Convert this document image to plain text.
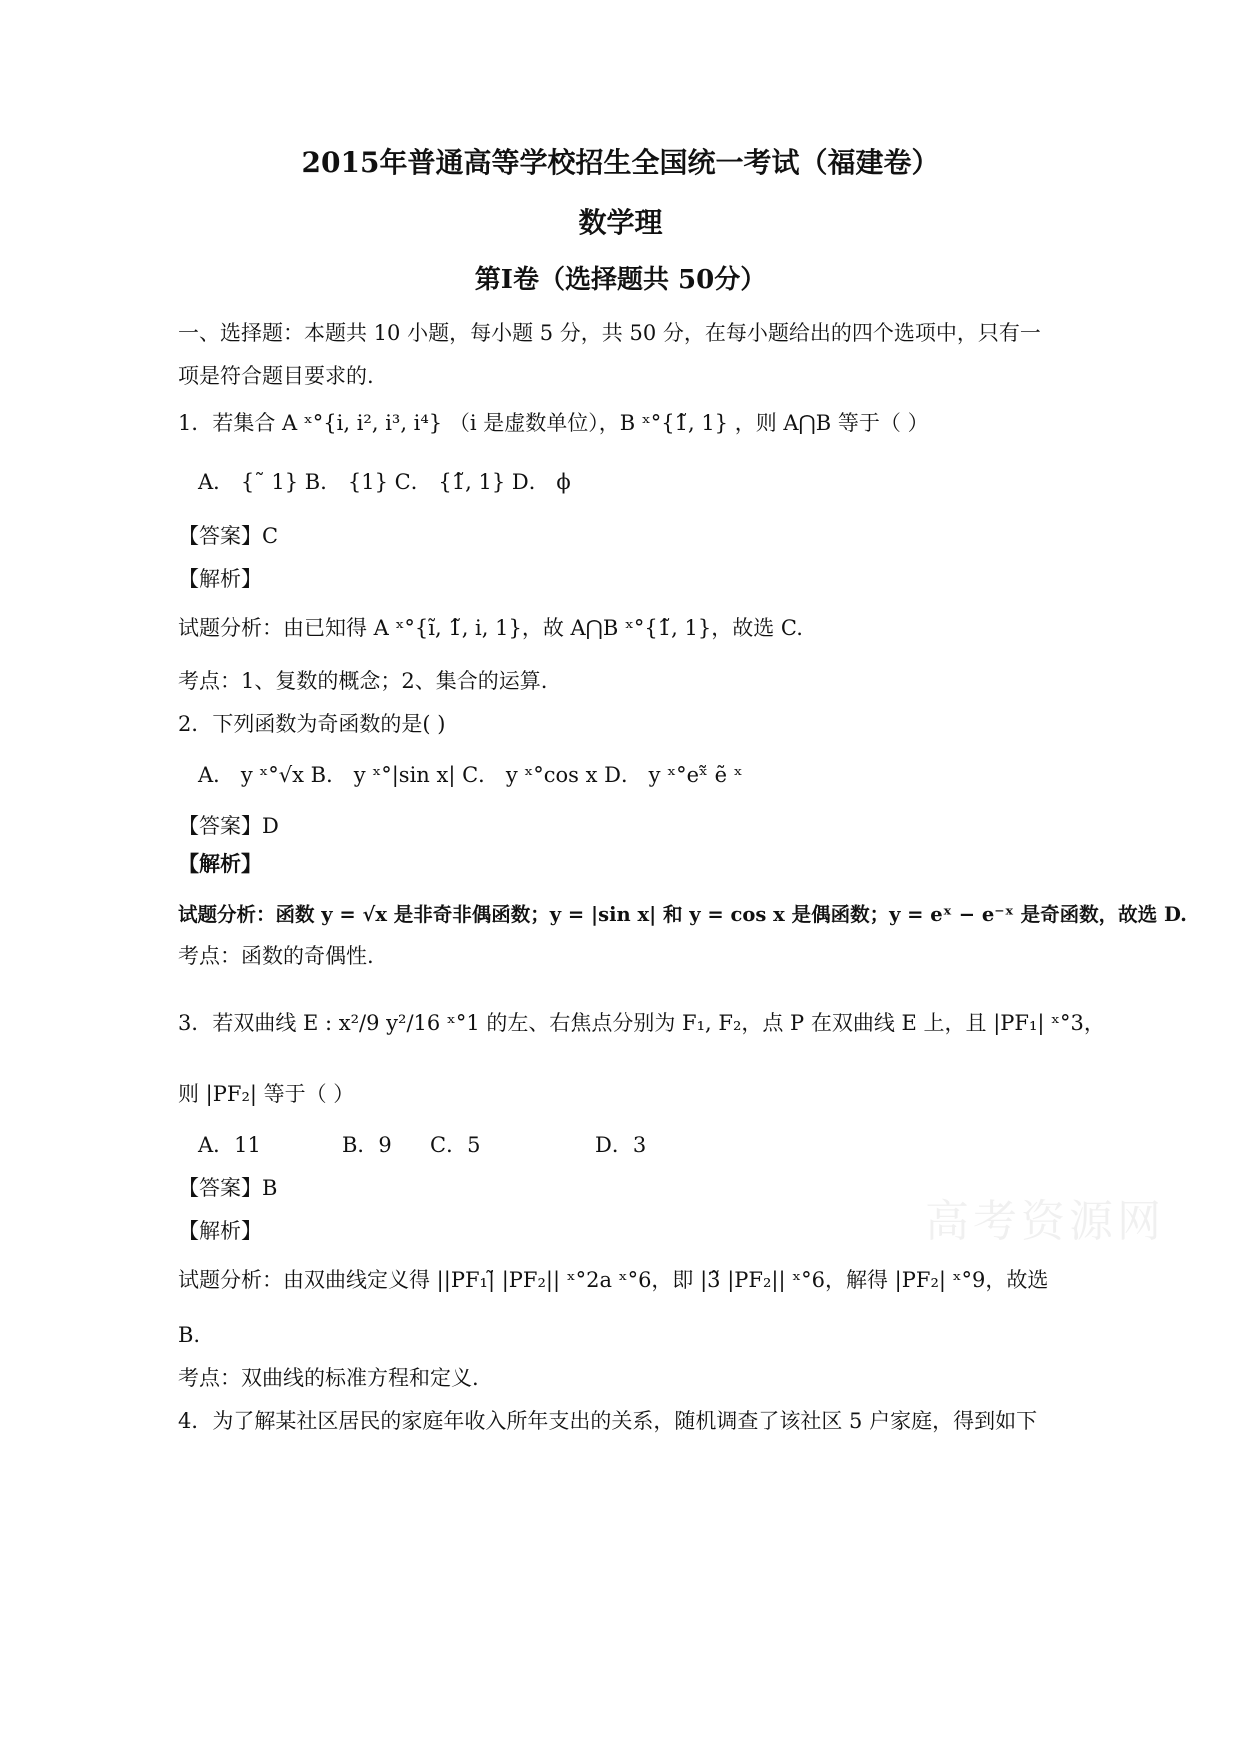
2015年普通高等学校招生全国统一考试（福建卷）
数学理
第Ⅰ卷（选择题共 50分）
一、选择题：本题共 10 小题，每小题 5 分，共 50 分，在每小题给出的四个选项中，只有一
项是符合题目要求的.
1．若集合 A ˣ°{i, i², i³, i⁴} （i 是虚数单位），B ˣ°{1̃, 1} ，则 A⋂B 等于（ ）
A． {˜ 1} B． {1} C． {1̃, 1} D． ϕ
【答案】C
【解析】
试题分析：由已知得 A ˣ°{ĩ, 1̃, i, 1}，故 A⋂B ˣ°{1̃, 1}，故选 C.
考点：1、复数的概念；2、集合的运算.
2．下列函数为奇函数的是( )
A． y ˣ°√x B． y ˣ°|sin x| C． y ˣ°cos x D． y ˣ°eˣ̃ ẽ ˣ
【答案】D
【解析】
试题分析：函数 y = √x 是非奇非偶函数；y = |sin x| 和 y = cos x 是偶函数；y = eˣ − e⁻ˣ 是奇函数，故选 D.
考点：函数的奇偶性.
3．若双曲线 E : x²/9 y²/16 ˣ°1 的左、右焦点分别为 F₁, F₂，点 P 在双曲线 E 上，且 |PF₁| ˣ°3，
则 |PF₂| 等于（ ）
A．11	B．9 C．5	D．3
【答案】B
【解析】
试题分析：由双曲线定义得 ||PF₁|̃ |PF₂|| ˣ°2a ˣ°6，即 |3̃ |PF₂|| ˣ°6，解得 |PF₂| ˣ°9，故选
B.
考点：双曲线的标准方程和定义.
4．为了解某社区居民的家庭年收入所年支出的关系，随机调查了该社区 5 户家庭，得到如下
高考资源网
